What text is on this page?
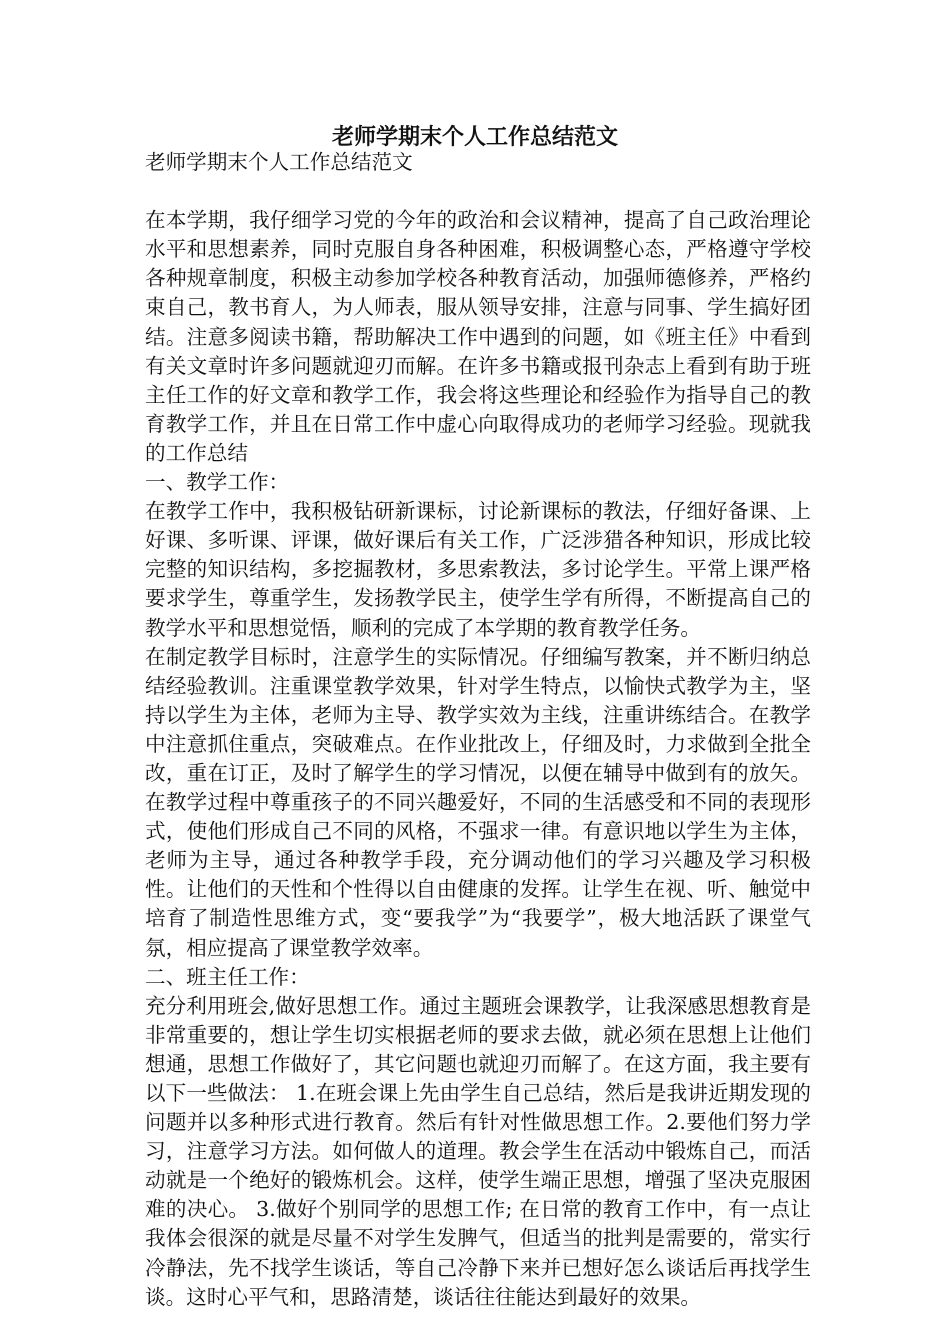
老师学期末个人工作总结范文

老师学期末个人工作总结范文

在本学期，我仔细学习党的今年的政治和会议精神，提高了自己政治理论水平和思想素养，同时克服自身各种困难，积极调整心态，严格遵守学校各种规章制度，积极主动参加学校各种教育活动，加强师德修养，严格约束自己，教书育人，为人师表，服从领导安排，注意与同事、学生搞好团结。注意多阅读书籍，帮助解决工作中遇到的问题，如《班主任》中看到有关文章时许多问题就迎刃而解。在许多书籍或报刊杂志上看到有助于班主任工作的好文章和教学工作，我会将这些理论和经验作为指导自己的教育教学工作，并且在日常工作中虚心向取得成功的老师学习经验。现就我的工作总结

一、教学工作：

在教学工作中，我积极钻研新课标，讨论新课标的教法，仔细好备课、上好课、多听课、评课，做好课后有关工作，广泛涉猎各种知识，形成比较完整的知识结构，多挖掘教材，多思索教法，多讨论学生。平常上课严格要求学生，尊重学生，发扬教学民主，使学生学有所得，不断提高自己的教学水平和思想觉悟，顺利的完成了本学期的教育教学任务。

在制定教学目标时，注意学生的实际情况。仔细编写教案，并不断归纳总结经验教训。注重课堂教学效果，针对学生特点，以愉快式教学为主，坚持以学生为主体，老师为主导、教学实效为主线，注重讲练结合。在教学中注意抓住重点，突破难点。在作业批改上，仔细及时，力求做到全批全改，重在订正，及时了解学生的学习情况，以便在辅导中做到有的放矢。在教学过程中尊重孩子的不同兴趣爱好，不同的生活感受和不同的表现形式，使他们形成自己不同的风格，不强求一律。有意识地以学生为主体，老师为主导，通过各种教学手段，充分调动他们的学习兴趣及学习积极性。让他们的天性和个性得以自由健康的发挥。让学生在视、听、触觉中培育了制造性思维方式，变“要我学”为“我要学”，极大地活跃了课堂气氛，相应提高了课堂教学效率。

二、班主任工作：

充分利用班会,做好思想工作。通过主题班会课教学，让我深感思想教育是非常重要的，想让学生切实根据老师的要求去做，就必须在思想上让他们想通，思想工作做好了，其它问题也就迎刃而解了。在这方面，我主要有以下一些做法： 1.在班会课上先由学生自己总结，然后是我讲近期发现的问题并以多种形式进行教育。然后有针对性做思想工作。2.要他们努力学习，注意学习方法。如何做人的道理。教会学生在活动中锻炼自己，而活动就是一个绝好的锻炼机会。这样，使学生端正思想，增强了坚决克服困难的决心。 3.做好个别同学的思想工作; 在日常的教育工作中，有一点让我体会很深的就是尽量不对学生发脾气，但适当的批判是需要的，常实行冷静法，先不找学生谈话，等自己冷静下来并已想好怎么谈话后再找学生谈。这时心平气和，思路清楚，谈话往往能达到最好的效果。
